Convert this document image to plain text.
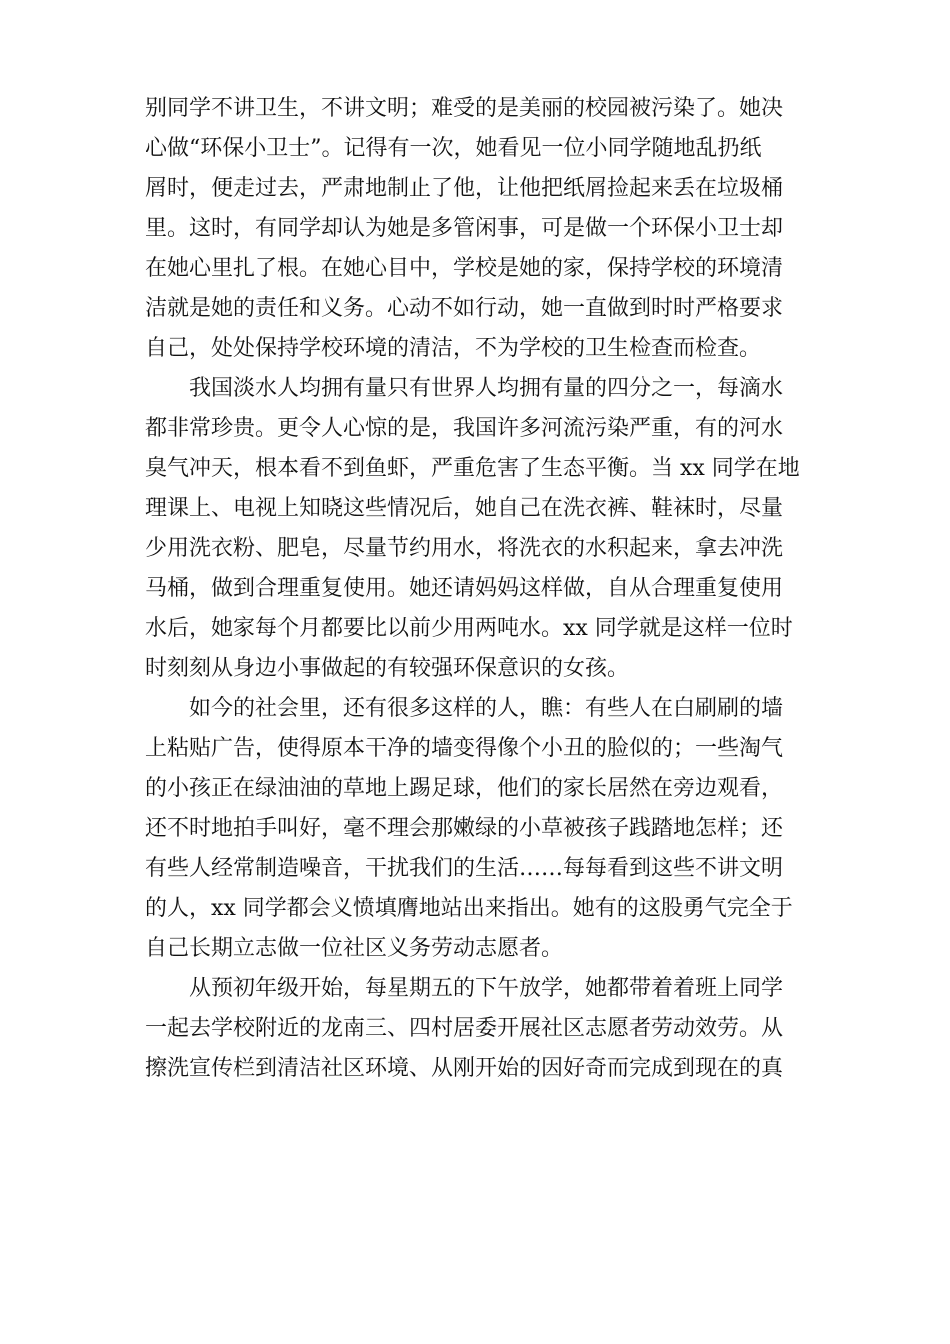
别同学不讲卫生，不讲文明；难受的是美丽的校园被污染了。她决
心做“环保小卫士”。记得有一次，她看见一位小同学随地乱扔纸
屑时，便走过去，严肃地制止了他，让他把纸屑捡起来丢在垃圾桶
里。这时，有同学却认为她是多管闲事，可是做一个环保小卫士却
在她心里扎了根。在她心目中，学校是她的家，保持学校的环境清
洁就是她的责任和义务。心动不如行动，她一直做到时时严格要求
自己，处处保持学校环境的清洁，不为学校的卫生检查而检查。
我国淡水人均拥有量只有世界人均拥有量的四分之一，每滴水
都非常珍贵。更令人心惊的是，我国许多河流污染严重，有的河水
臭气冲天，根本看不到鱼虾，严重危害了生态平衡。当 xx 同学在地
理课上、电视上知晓这些情况后，她自己在洗衣裤、鞋袜时，尽量
少用洗衣粉、肥皂，尽量节约用水，将洗衣的水积起来，拿去冲洗
马桶，做到合理重复使用。她还请妈妈这样做，自从合理重复使用
水后，她家每个月都要比以前少用两吨水。xx 同学就是这样一位时
时刻刻从身边小事做起的有较强环保意识的女孩。
如今的社会里，还有很多这样的人，瞧：有些人在白刷刷的墙
上粘贴广告，使得原本干净的墙变得像个小丑的脸似的；一些淘气
的小孩正在绿油油的草地上踢足球，他们的家长居然在旁边观看，
还不时地拍手叫好，毫不理会那嫩绿的小草被孩子践踏地怎样；还
有些人经常制造噪音，干扰我们的生活……每每看到这些不讲文明
的人，xx 同学都会义愤填膺地站出来指出。她有的这股勇气完全于
自己长期立志做一位社区义务劳动志愿者。
从预初年级开始，每星期五的下午放学，她都带着着班上同学
一起去学校附近的龙南三、四村居委开展社区志愿者劳动效劳。从
擦洗宣传栏到清洁社区环境、从刚开始的因好奇而完成到现在的真
